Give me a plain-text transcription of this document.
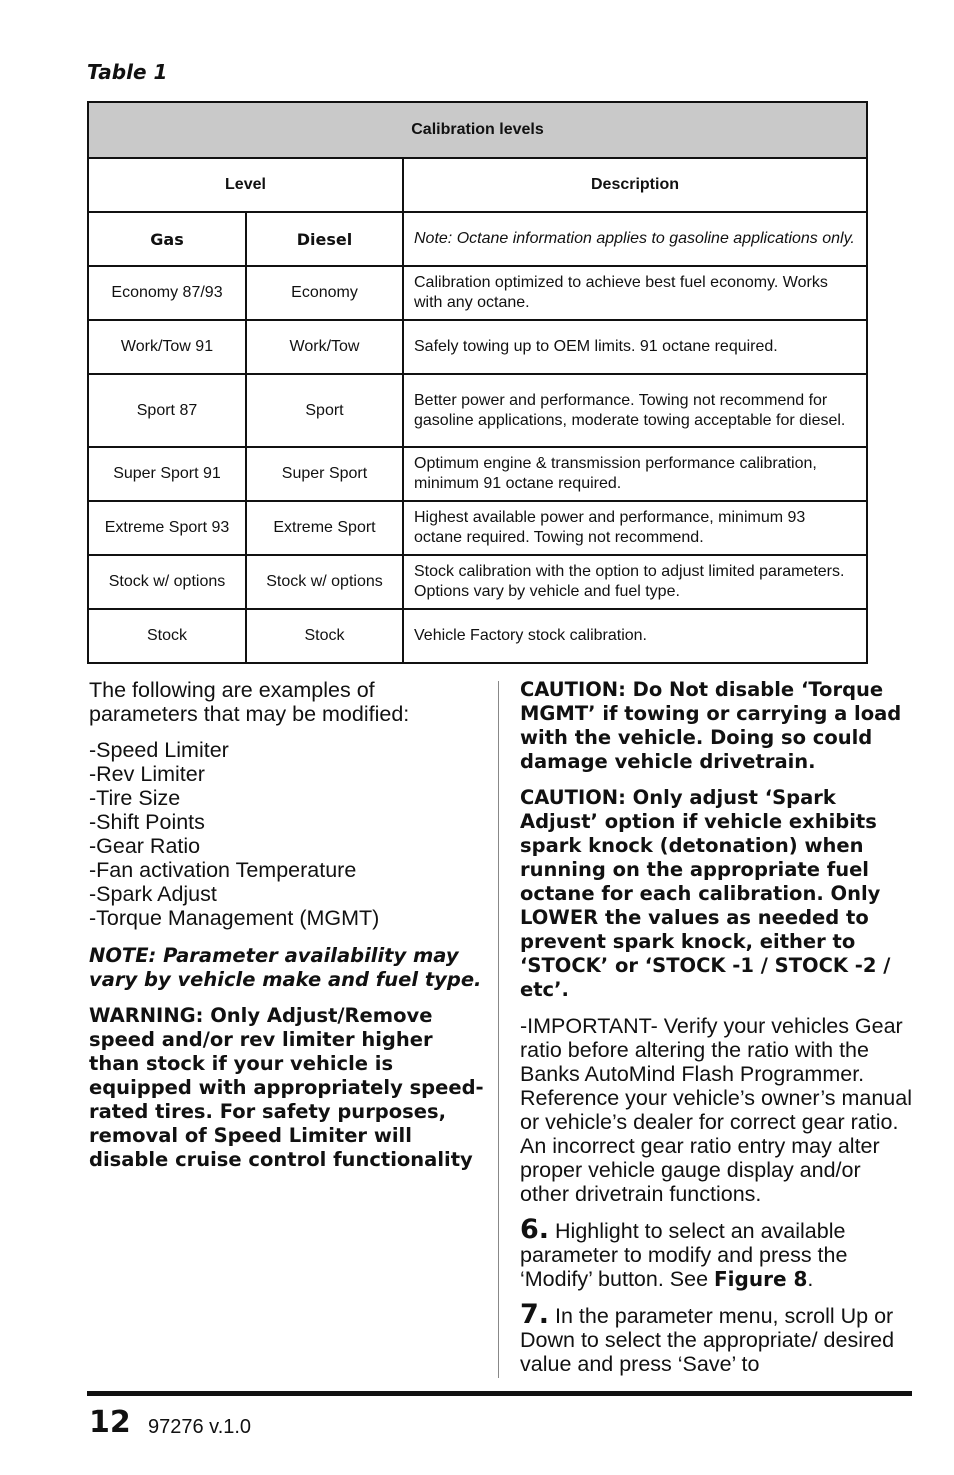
Table 1
Calibration levels		
Level		Description
Gas	Diesel	Note: Octane information applies to gasoline applications only.
Economy 87/93	Economy	Calibration optimized to achieve best fuel economy. Works with any octane.
Work/Tow 91	Work/Tow	Safely towing up to OEM limits. 91 octane required.
Sport 87	Sport	Better power and performance. Towing not recommend for gasoline applications, moderate towing acceptable for diesel.
Super Sport 91	Super Sport	Optimum engine & transmission performance calibration, minimum 91 octane required.
Extreme Sport 93	Extreme Sport	Highest available power and performance, minimum 93 octane required. Towing not recommend.
Stock w/ options	Stock w/ options	Stock calibration with the option to adjust limited parameters. Options vary by vehicle and fuel type.
Stock	Stock	Vehicle Factory stock calibration.

The following are examples of parameters that may be modified:

-Speed Limiter
-Rev Limiter
-Tire Size
-Shift Points
-Gear Ratio
-Fan activation Temperature
-Spark Adjust
-Torque Management (MGMT)

NOTE: Parameter availability may vary by vehicle make and fuel type.

WARNING: Only Adjust/Remove speed and/or rev limiter higher than stock if your vehicle is equipped with appropriately speed-rated tires. For safety purposes, removal of Speed Limiter will disable cruise control functionality

CAUTION: Do Not disable ‘Torque MGMT’ if towing or carrying a load with the vehicle. Doing so could damage vehicle drivetrain.

CAUTION: Only adjust ‘Spark Adjust’ option if vehicle exhibits spark knock (detonation) when running on the appropriate fuel octane for each calibration. Only LOWER the values as needed to prevent spark knock, either to ‘STOCK’ or ‘STOCK -1 / STOCK -2 / etc’.

-IMPORTANT- Verify your vehicles Gear ratio before altering the ratio with the Banks AutoMind Flash Programmer. Reference your vehicle’s owner’s manual or vehicle’s dealer for correct gear ratio. An incorrect gear ratio entry may alter proper vehicle gauge display and/or other drivetrain functions.

6. Highlight to select an available parameter to modify and press the ‘Modify’ button. See Figure 8.

7. In the parameter menu, scroll Up or Down to select the appropriate/ desired value and press ‘Save’ to

12 97276 v.1.0
